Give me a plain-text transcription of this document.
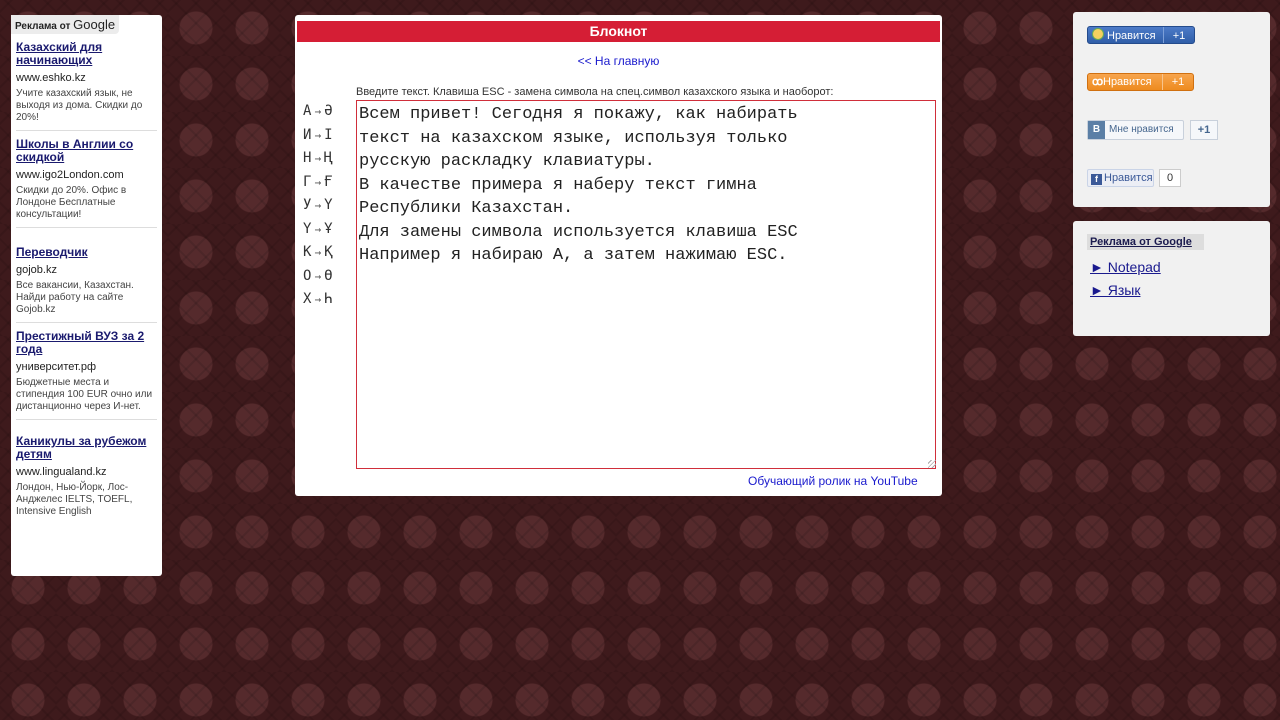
Реклама от Google
Казахский для начинающих
www.eshko.kz
Учите казахский язык, не выходя из дома. Скидки до 20%!
Школы в Англии со скидкой
www.igo2London.com
Скидки до 20%. Офис в Лондоне Бесплатные консультации!
Переводчик
gojob.kz
Все вакансии, Казахстан. Найди работу на сайте Gojob.kz
Престижный ВУЗ за 2 года
университет.рф
Бюджетные места и стипендия 100 EUR очно или дистанционно через И-нет.
Каникулы за рубежом детям
www.lingualand.kz
Лондон, Нью-Йорк, Лос-Анджелес IELTS, TOEFL, Intensive English
Блокнот
<< На главную
Введите текст. Клавиша ESC - замена символа на спец.символ казахского языка и наоборот:
А → Ә
И → І
Н → Ң
Г → Ғ
У → Ү
Ү → Ұ
К → Қ
О → Ө
Х → Һ
Всем привет! Сегодня я покажу, как набирать
текст на казахском языке, используя только
русскую раскладку клавиатуры.
В качестве примера я наберу текст гимна
Республики Казахстан.
Для замены символа используется клавиша ESC
Например я набираю А, а затем нажимаю ESC.
Обучающий ролик на YouTube
Нравится	+1
ꝏНравится	+1
В Мне нравится	+1
f Нравится	0
Реклама от Google
► Notepad
► Язык
